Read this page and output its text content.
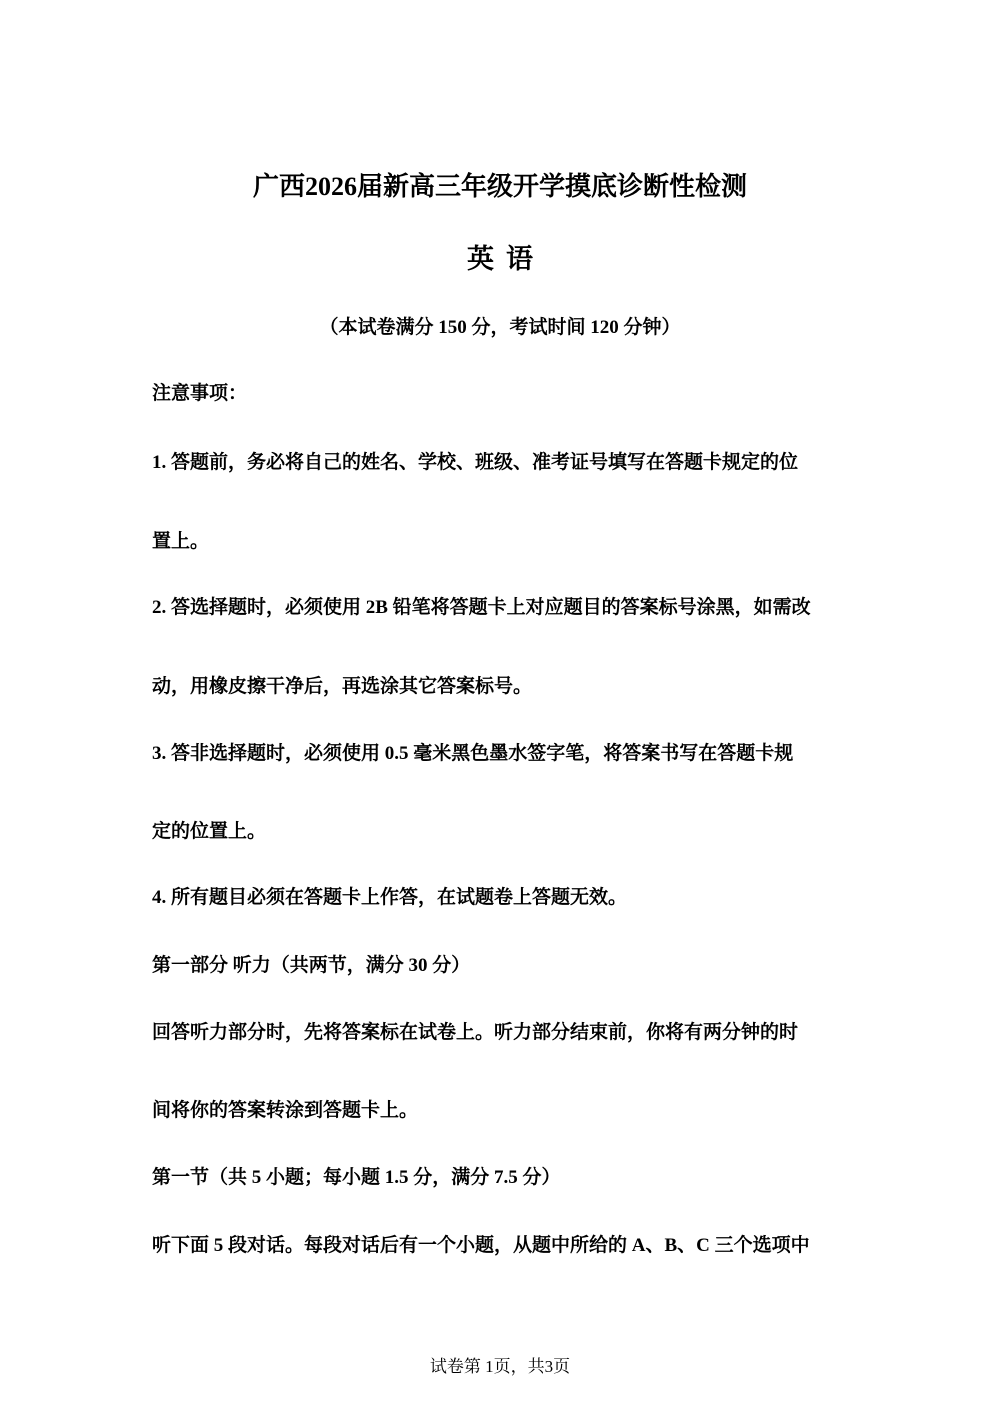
广西2026届新高三年级开学摸底诊断性检测
英语
（本试卷满分 150 分，考试时间 120 分钟）
注意事项：
1. 答题前，务必将自己的姓名、学校、班级、准考证号填写在答题卡规定的位
置上。
2. 答选择题时，必须使用 2B 铅笔将答题卡上对应题目的答案标号涂黑，如需改
动，用橡皮擦干净后，再选涂其它答案标号。
3. 答非选择题时，必须使用 0.5 毫米黑色墨水签字笔，将答案书写在答题卡规
定的位置上。
4. 所有题目必须在答题卡上作答，在试题卷上答题无效。
第一部分 听力（共两节，满分 30 分）
回答听力部分时，先将答案标在试卷上。听力部分结束前，你将有两分钟的时
间将你的答案转涂到答题卡上。
第一节（共 5 小题；每小题 1.5 分，满分 7.5 分）
听下面 5 段对话。每段对话后有一个小题，从题中所给的 A、B、C 三个选项中
试卷第 1页，共3页
